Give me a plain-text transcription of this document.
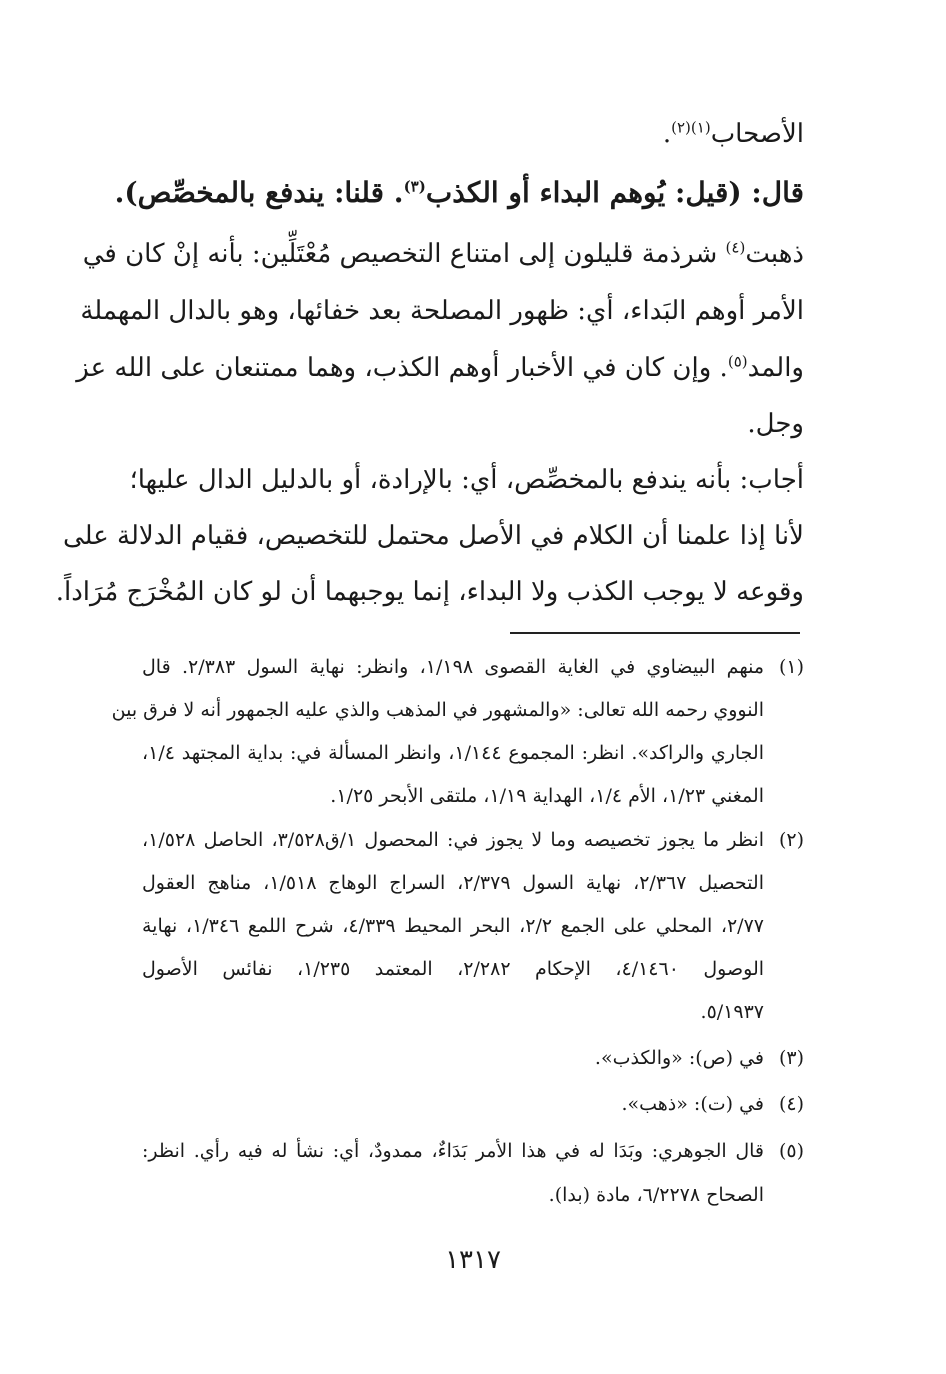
الأصحاب$^{(١)(٢)}$.
قال: (قيل: يُوهم البداء أو الكذب$^{(٣)}$. قلنا: يندفع بالمخصِّص).
ذهبت$^{(٤)}$ شرذمة قليلون إلى امتناع التخصيص مُعْتَلِّين: بأنه إنْ كان في
الأمر أوهم البَداء، أي: ظهور المصلحة بعد خفائها، وهو بالدال المهملة
والمد$^{(٥)}$. وإن كان في الأخبار أوهم الكذب، وهما ممتنعان على الله عز
وجل.
أجاب: بأنه يندفع بالمخصِّص، أي: بالإرادة، أو بالدليل الدال عليها؛
لأنا إذا علمنا أن الكلام في الأصل محتمل للتخصيص، فقيام الدلالة على
وقوعه لا يوجب الكذب ولا البداء، إنما يوجبهما أن لو كان المُخْرَج مُرَاداً.
(١)منهم البيضاوي في الغاية القصوى ١/١٩٨، وانظر: نهاية السول ٢/٣٨٣. قال
النووي رحمه الله تعالى: «والمشهور في المذهب والذي عليه الجمهور أنه لا فرق بين
الجاري والراكد». انظر: المجموع ١/١٤٤، وانظر المسألة في: بداية المجتهد ١/٤،
المغني ١/٢٣، الأم ١/٤، الهداية ١/١٩، ملتقى الأبحر ١/٢٥.
(٢)انظر ما يجوز تخصيصه وما لا يجوز في: المحصول ١/ق٣/٥٢٨، الحاصل ١/٥٢٨،
التحصيل ٢/٣٦٧، نهاية السول ٢/٣٧٩، السراج الوهاج ١/٥١٨، مناهج العقول
٢/٧٧، المحلي على الجمع ٢/٢، البحر المحيط ٤/٣٣٩، شرح اللمع ١/٣٤٦، نهاية
الوصول ٤/١٤٦٠، الإحكام ٢/٢٨٢، المعتمد ١/٢٣٥، نفائس الأصول
٥/١٩٣٧.
(٣)في (ص): «والكذب».
(٤)في (ت): «ذهب».
(٥)قال الجوهري: وبَدَا له في هذا الأمر بَدَاءٌ، ممدودٌ، أي: نشأ له فيه رأي. انظر:
الصحاح ٦/٢٢٧٨، مادة (بدا).
١٣١٧
